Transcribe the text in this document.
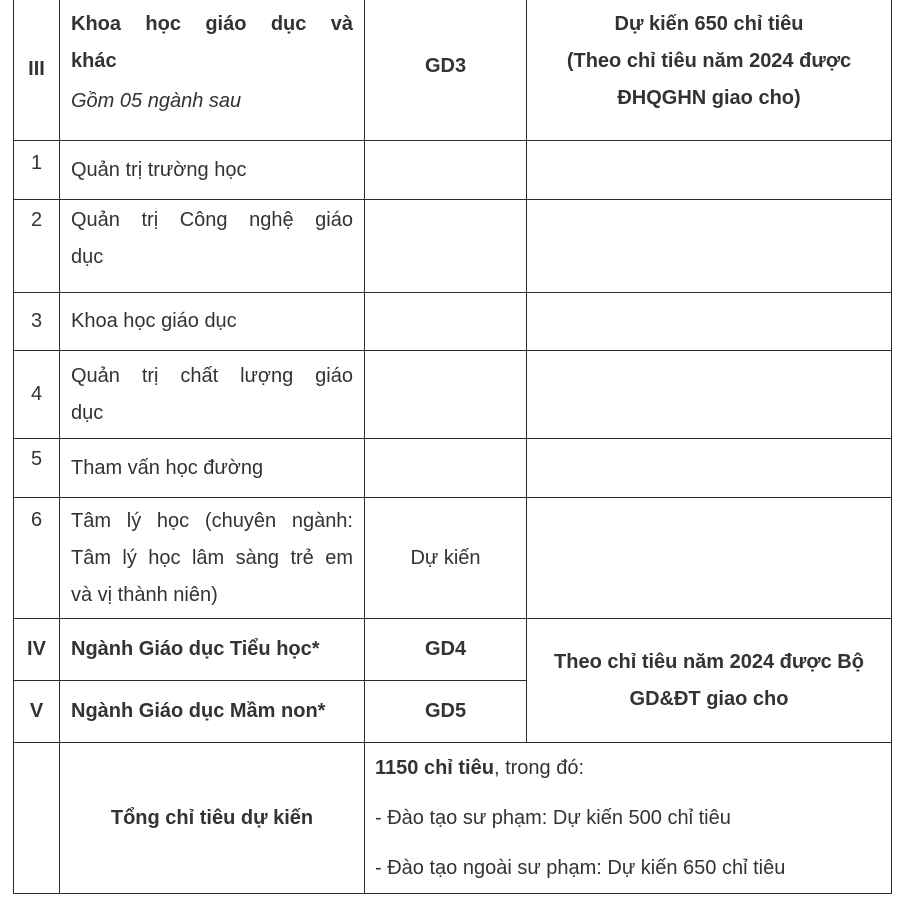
III	Khoa học giáo dục và
khác
Gồm 05 ngành sau	GD3	Dự kiến 650 chỉ tiêu
(Theo chỉ tiêu năm 2024 được
ĐHQGHN giao cho)

1	Quản trị trường học		
2	Quản trị Công nghệ giáo
dục		

3	Khoa học giáo dục		
4	Quản trị chất lượng giáo
dục		

5	Tham vấn học đường		
6	Tâm lý học (chuyên ngành:
Tâm lý học lâm sàng trẻ em
và vị thành niên)	Dự kiến	
IV	Ngành Giáo dục Tiểu học*	GD4	Theo chỉ tiêu năm 2024 được Bộ
GD&ĐT giao cho

V	Ngành Giáo dục Mầm non*	GD5	
	Tổng chỉ tiêu dự kiến	1150 chỉ tiêu, trong đó:
- Đào tạo sư phạm: Dự kiến 500 chỉ tiêu
- Đào tạo ngoài sư phạm: Dự kiến 650 chỉ tiêu	
